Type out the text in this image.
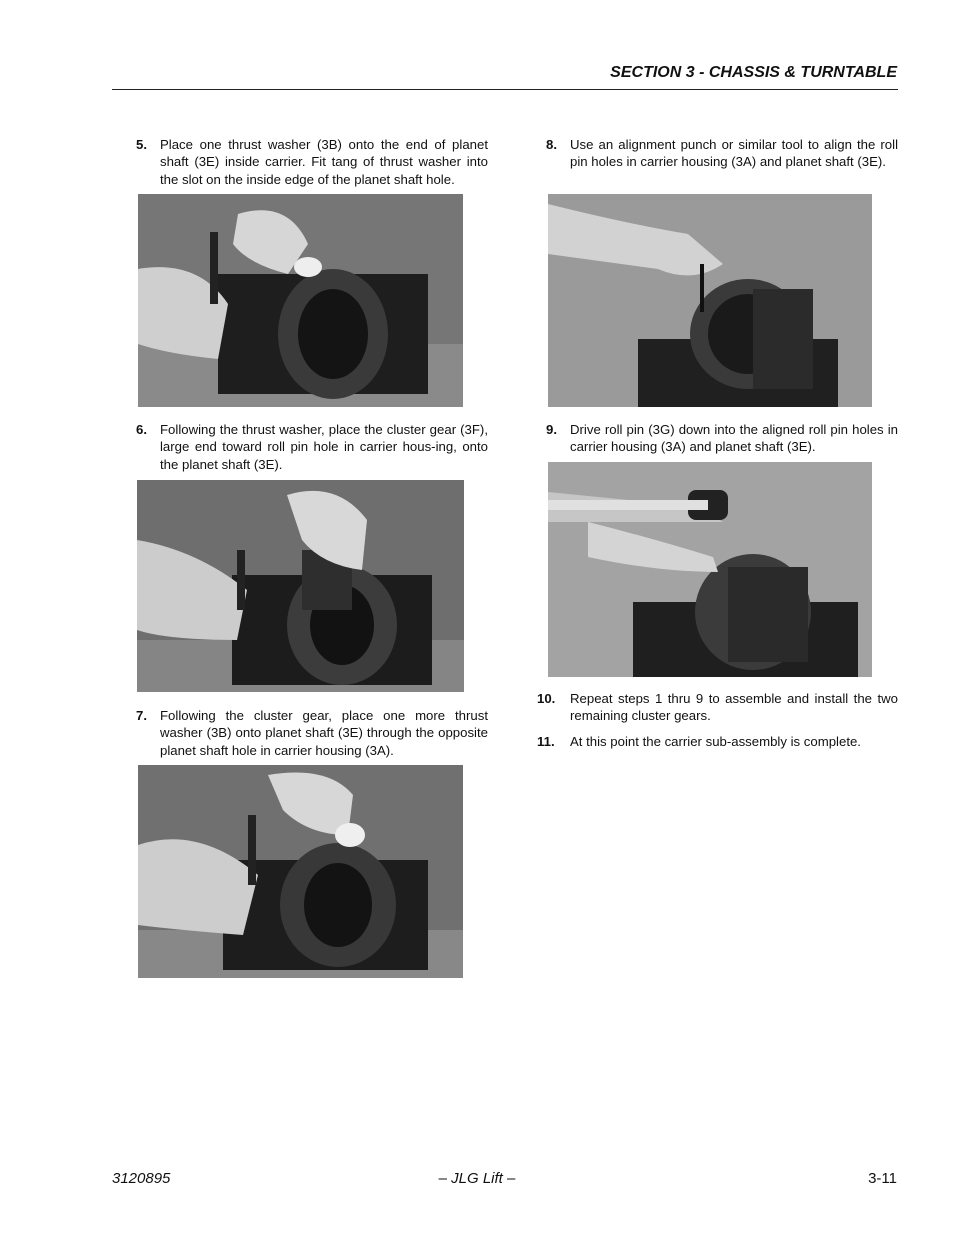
SECTION 3 - CHASSIS & TURNTABLE
5. Place one thrust washer (3B) onto the end of planet shaft (3E) inside carrier. Fit tang of thrust washer into the slot on the inside edge of the planet shaft hole.
6. Following the thrust washer, place the cluster gear (3F), large end toward roll pin hole in carrier hous-ing, onto the planet shaft (3E).
7. Following the cluster gear, place one more thrust washer (3B) onto planet shaft (3E) through the opposite planet shaft hole in carrier housing (3A).
8. Use an alignment punch or similar tool to align the roll pin holes in carrier housing (3A) and planet shaft (3E).
9. Drive roll pin (3G) down into the aligned roll pin holes in carrier housing (3A) and planet shaft (3E).
10.	Repeat steps 1 thru 9 to assemble and install the two remaining cluster gears.
11.	At this point the carrier sub-assembly is complete.
3120895	– JLG Lift –	3-11
